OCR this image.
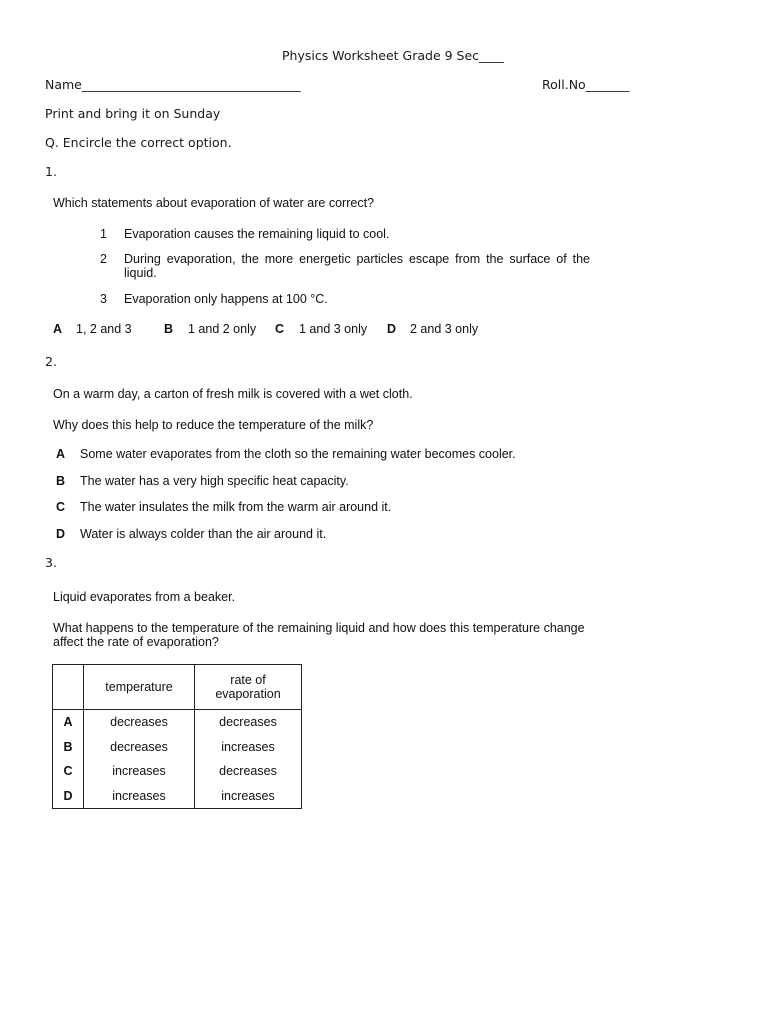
Physics Worksheet Grade 9 Sec____
Name___________________________________	Roll.No_______
Print and bring it on Sunday
Q. Encircle the correct option.
1.
Which statements about evaporation of water are correct?
1 Evaporation causes the remaining liquid to cool.
2 During evaporation, the more energetic particles escape from the surface of the
liquid.
3 Evaporation only happens at 100 °C.
A 1, 2 and 3	B 1 and 2 only C 1 and 3 only D 2 and 3 only
2.
On a warm day, a carton of fresh milk is covered with a wet cloth.
Why does this help to reduce the temperature of the milk?
A Some water evaporates from the cloth so the remaining water becomes cooler.
B The water has a very high specific heat capacity.
C The water insulates the milk from the warm air around it.
D Water is always colder than the air around it.
3.
Liquid evaporates from a beaker.
What happens to the temperature of the remaining liquid and how does this temperature change
affect the rate of evaporation?
	temperature	rate of
evaporation

A	decreases	decreases
B	decreases	increases
C	increases	decreases
D	increases	increases
